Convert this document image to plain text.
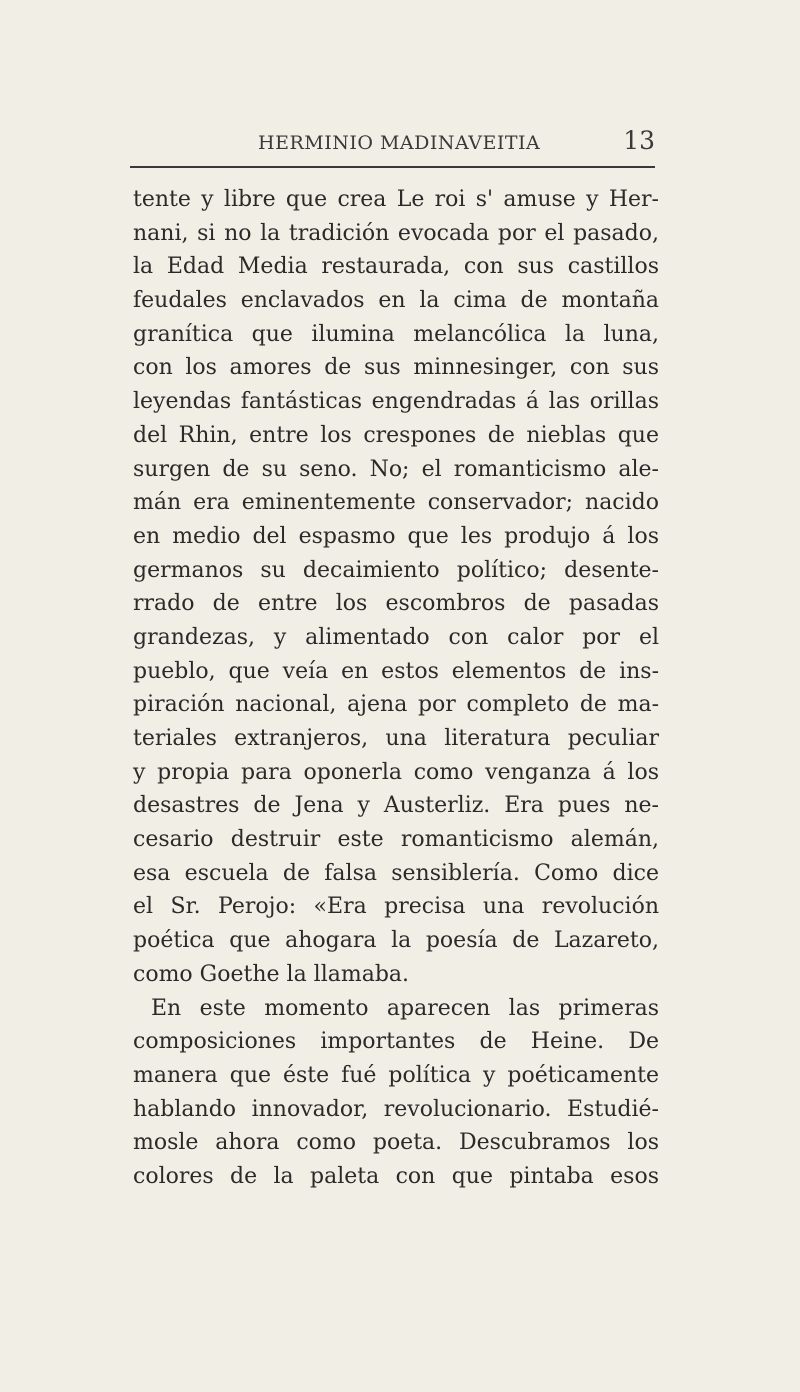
HERMINIO MADINAVEITIA	13
tente y libre que crea Le roi s' amuse y Her-
nani, si no la tradición evocada por el pasado,
la Edad Media restaurada, con sus castillos
feudales enclavados en la cima de montaña
granítica que ilumina melancólica la luna,
con los amores de sus minnesinger, con sus
leyendas fantásticas engendradas á las orillas
del Rhin, entre los crespones de nieblas que
surgen de su seno. No; el romanticismo ale-
mán era eminentemente conservador; nacido
en medio del espasmo que les produjo á los
germanos su decaimiento político; desente-
rrado de entre los escombros de pasadas
grandezas, y alimentado con calor por el
pueblo, que veía en estos elementos de ins-
piración nacional, ajena por completo de ma-
teriales extranjeros, una literatura peculiar
y propia para oponerla como venganza á los
desastres de Jena y Austerliz. Era pues ne-
cesario destruir este romanticismo alemán,
esa escuela de falsa sensiblería. Como dice
el Sr. Perojo: «Era precisa una revolución
poética que ahogara la poesía de Lazareto,
como Goethe la llamaba.
En este momento aparecen las primeras
composiciones importantes de Heine. De
manera que éste fué política y poéticamente
hablando innovador, revolucionario. Estudié-
mosle ahora como poeta. Descubramos los
colores de la paleta con que pintaba esos
